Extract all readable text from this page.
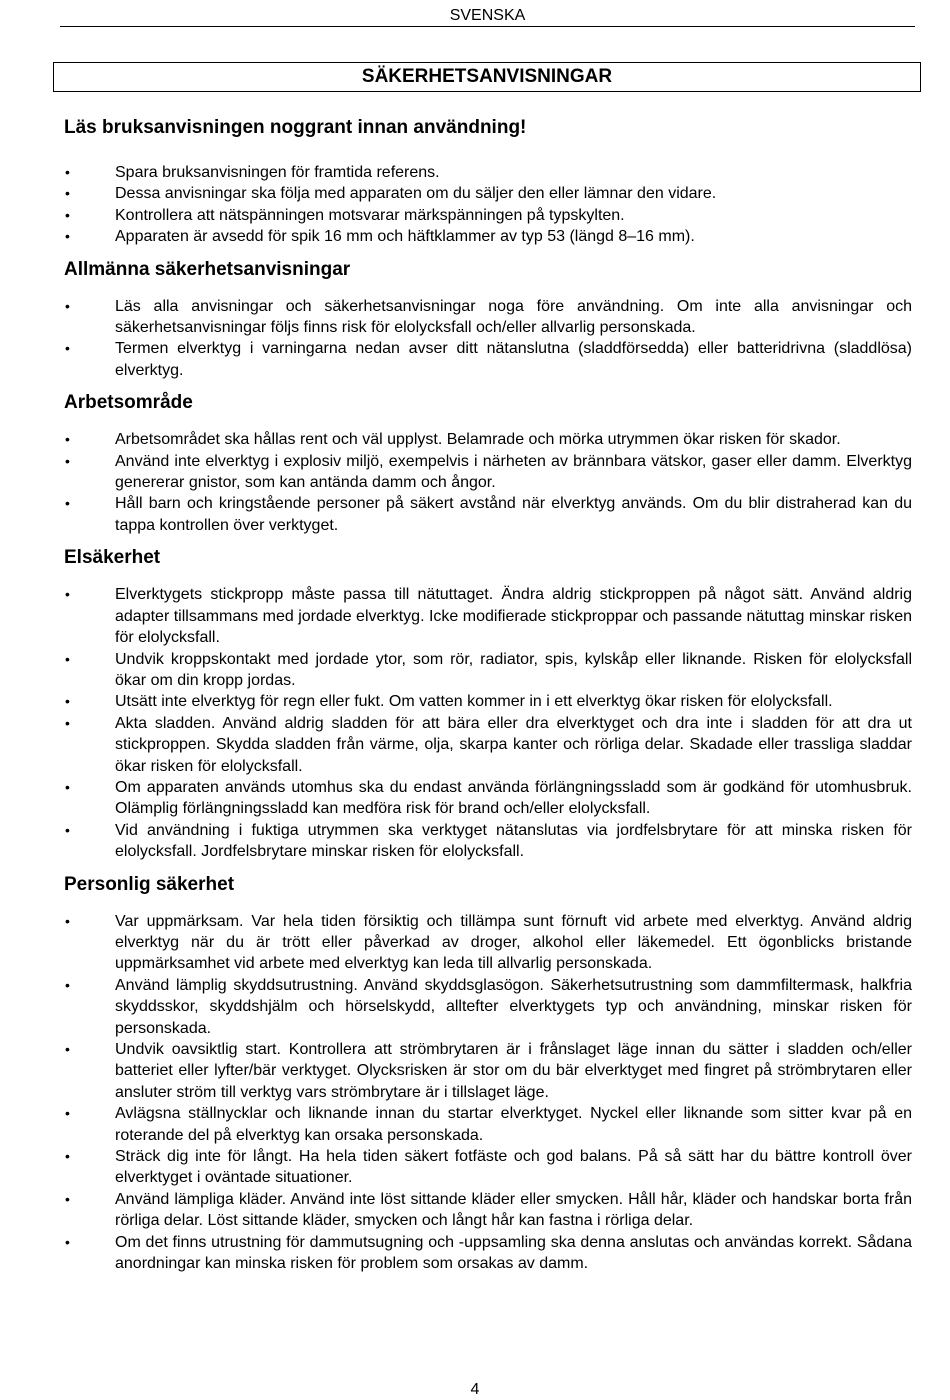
SVENSKA
SÄKERHETSANVISNINGAR
Läs bruksanvisningen noggrant innan användning!
• Spara bruksanvisningen för framtida referens.
• Dessa anvisningar ska följa med apparaten om du säljer den eller lämnar den vidare.
• Kontrollera att nätspänningen motsvarar märkspänningen på typskylten.
• Apparaten är avsedd för spik 16 mm och häftklammer av typ 53 (längd 8–16 mm).
Allmänna säkerhetsanvisningar
• Läs alla anvisningar och säkerhetsanvisningar noga före användning. Om inte alla anvisningar och säkerhetsanvisningar följs finns risk för elolycksfall och/eller allvarlig personskada.
• Termen elverktyg i varningarna nedan avser ditt nätanslutna (sladdförsedda) eller batteridrivna (sladdlösa) elverktyg.
Arbetsområde
• Arbetsområdet ska hållas rent och väl upplyst. Belamrade och mörka utrymmen ökar risken för skador.
• Använd inte elverktyg i explosiv miljö, exempelvis i närheten av brännbara vätskor, gaser eller damm. Elverktyg genererar gnistor, som kan antända damm och ångor.
• Håll barn och kringstående personer på säkert avstånd när elverktyg används. Om du blir distraherad kan du tappa kontrollen över verktyget.
Elsäkerhet
• Elverktygets stickpropp måste passa till nätuttaget. Ändra aldrig stickproppen på något sätt. Använd aldrig adapter tillsammans med jordade elverktyg. Icke modifierade stickproppar och passande nätuttag minskar risken för elolycksfall.
• Undvik kroppskontakt med jordade ytor, som rör, radiator, spis, kylskåp eller liknande. Risken för elolycksfall ökar om din kropp jordas.
• Utsätt inte elverktyg för regn eller fukt. Om vatten kommer in i ett elverktyg ökar risken för elolycksfall.
• Akta sladden. Använd aldrig sladden för att bära eller dra elverktyget och dra inte i sladden för att dra ut stickproppen. Skydda sladden från värme, olja, skarpa kanter och rörliga delar. Skadade eller trassliga sladdar ökar risken för elolycksfall.
• Om apparaten används utomhus ska du endast använda förlängningssladd som är godkänd för utomhusbruk. Olämplig förlängningssladd kan medföra risk för brand och/eller elolycksfall.
• Vid användning i fuktiga utrymmen ska verktyget nätanslutas via jordfelsbrytare för att minska risken för elolycksfall. Jordfelsbrytare minskar risken för elolycksfall.
Personlig säkerhet
• Var uppmärksam. Var hela tiden försiktig och tillämpa sunt förnuft vid arbete med elverktyg. Använd aldrig elverktyg när du är trött eller påverkad av droger, alkohol eller läkemedel. Ett ögonblicks bristande uppmärksamhet vid arbete med elverktyg kan leda till allvarlig personskada.
• Använd lämplig skyddsutrustning. Använd skyddsglasögon. Säkerhetsutrustning som dammfiltermask, halkfria skyddsskor, skyddshjälm och hörselskydd, alltefter elverktygets typ och användning, minskar risken för personskada.
• Undvik oavsiktlig start. Kontrollera att strömbrytaren är i frånslaget läge innan du sätter i sladden och/eller batteriet eller lyfter/bär verktyget. Olycksrisken är stor om du bär elverktyget med fingret på strömbrytaren eller ansluter ström till verktyg vars strömbrytare är i tillslaget läge.
• Avlägsna ställnycklar och liknande innan du startar elverktyget. Nyckel eller liknande som sitter kvar på en roterande del på elverktyg kan orsaka personskada.
• Sträck dig inte för långt. Ha hela tiden säkert fotfäste och god balans. På så sätt har du bättre kontroll över elverktyget i oväntade situationer.
• Använd lämpliga kläder. Använd inte löst sittande kläder eller smycken. Håll hår, kläder och handskar borta från rörliga delar. Löst sittande kläder, smycken och långt hår kan fastna i rörliga delar.
• Om det finns utrustning för dammutsugning och -uppsamling ska denna anslutas och användas korrekt. Sådana anordningar kan minska risken för problem som orsakas av damm.
4
